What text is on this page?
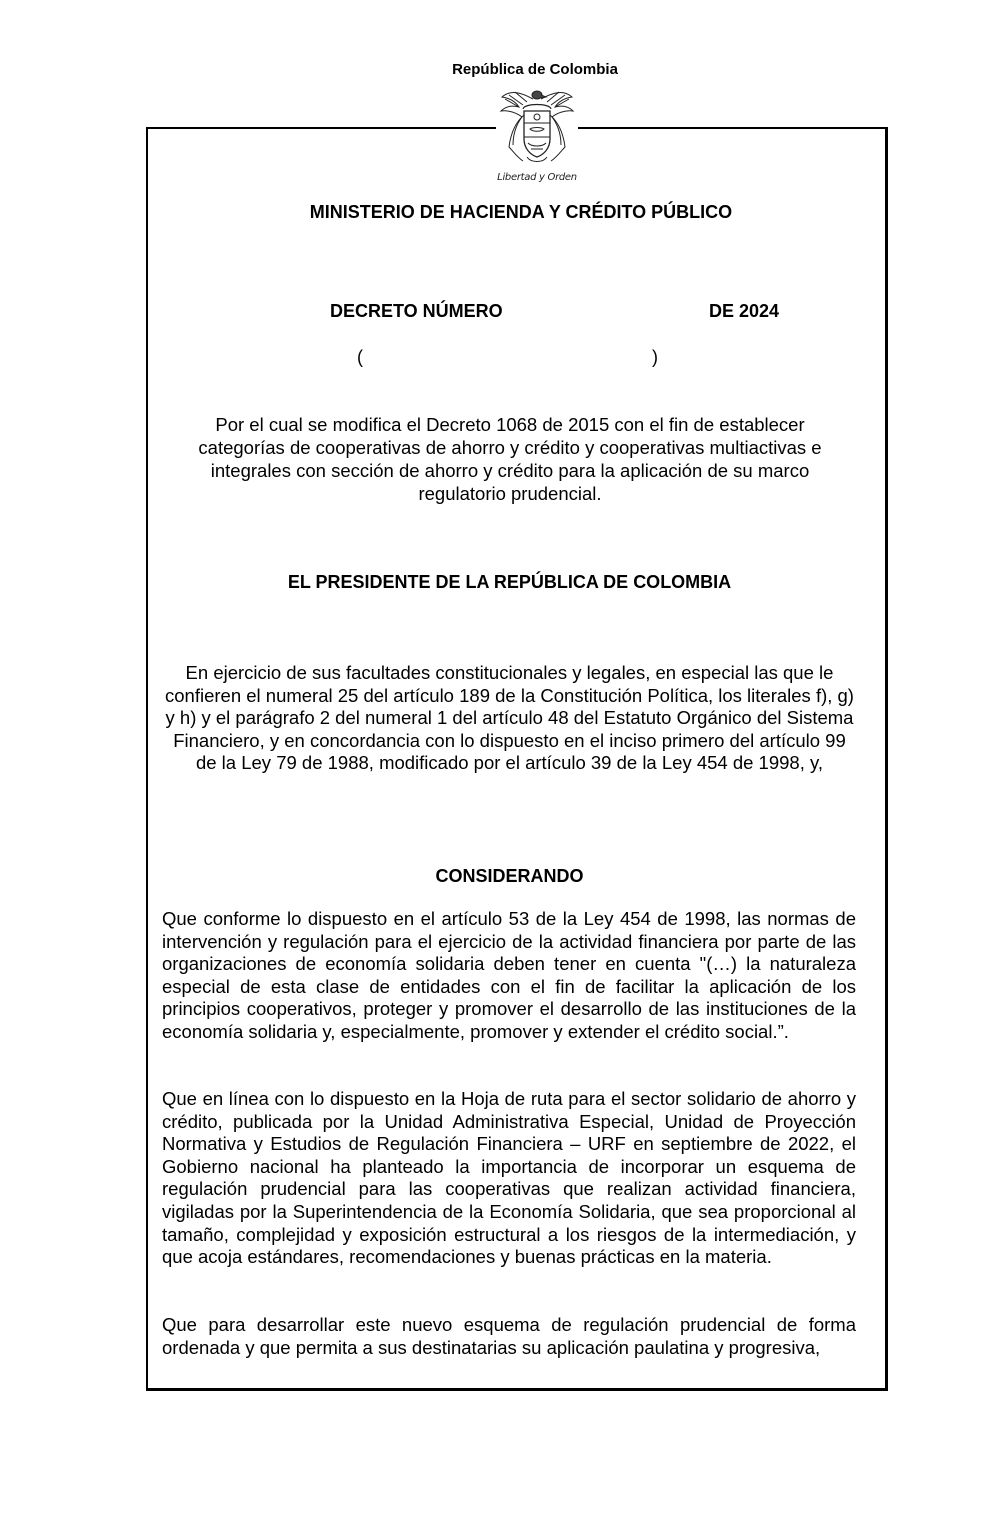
República de Colombia
Libertad y Orden
MINISTERIO DE HACIENDA Y CRÉDITO PÚBLICO
DECRETO NÚMERO	DE 2024
(	)
Por el cual se modifica el Decreto 1068 de 2015 con el fin de establecer categorías de cooperativas de ahorro y crédito y cooperativas multiactivas e integrales con sección de ahorro y crédito para la aplicación de su marco regulatorio prudencial.
EL PRESIDENTE DE LA REPÚBLICA DE COLOMBIA
En ejercicio de sus facultades constitucionales y legales, en especial las que le confieren el numeral 25 del artículo 189 de la Constitución Política, los literales f), g) y h) y el parágrafo 2 del numeral 1 del artículo 48 del Estatuto Orgánico del Sistema Financiero, y en concordancia con lo dispuesto en el inciso primero del artículo 99 de la Ley 79 de 1988, modificado por el artículo 39 de la Ley 454 de 1998, y,
CONSIDERANDO
Que conforme lo dispuesto en el artículo 53 de la Ley 454 de 1998, las normas de intervención y regulación para el ejercicio de la actividad financiera por parte de las organizaciones de economía solidaria deben tener en cuenta "(…) la naturaleza especial de esta clase de entidades con el fin de facilitar la aplicación de los principios cooperativos, proteger y promover el desarrollo de las instituciones de la economía solidaria y, especialmente, promover y extender el crédito social.”.
Que en línea con lo dispuesto en la Hoja de ruta para el sector solidario de ahorro y crédito, publicada por la Unidad Administrativa Especial, Unidad de Proyección Normativa y Estudios de Regulación Financiera – URF en septiembre de 2022, el Gobierno nacional ha planteado la importancia de incorporar un esquema de regulación prudencial para las cooperativas que realizan actividad financiera, vigiladas por la Superintendencia de la Economía Solidaria, que sea proporcional al tamaño, complejidad y exposición estructural a los riesgos de la intermediación, y que acoja estándares, recomendaciones y buenas prácticas en la materia.
Que para desarrollar este nuevo esquema de regulación prudencial de forma ordenada y que permita a sus destinatarias su aplicación paulatina y progresiva,
